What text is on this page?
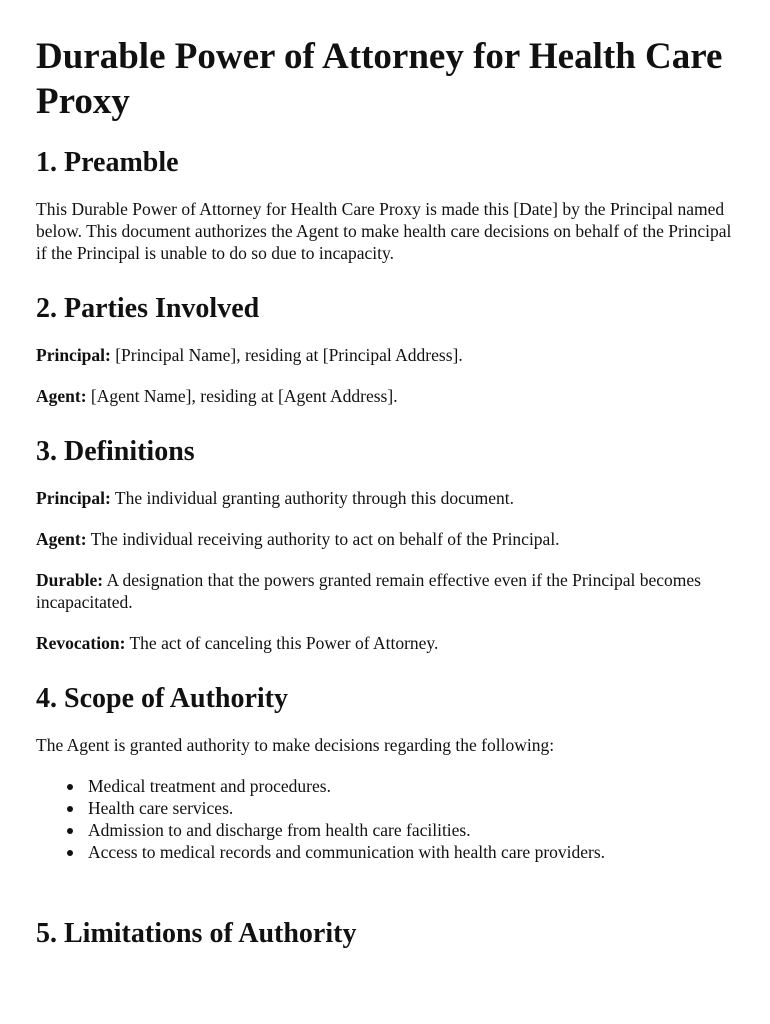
Durable Power of Attorney for Health Care Proxy
1. Preamble

This Durable Power of Attorney for Health Care Proxy is made this [Date] by the Principal named below. This document authorizes the Agent to make health care decisions on behalf of the Principal if the Principal is unable to do so due to incapacity.

2. Parties Involved

Principal: [Principal Name], residing at [Principal Address].

Agent: [Agent Name], residing at [Agent Address].

3. Definitions

Principal: The individual granting authority through this document.

Agent: The individual receiving authority to act on behalf of the Principal.

Durable: A designation that the powers granted remain effective even if the Principal becomes incapacitated.

Revocation: The act of canceling this Power of Attorney.

4. Scope of Authority

The Agent is granted authority to make decisions regarding the following:

Medical treatment and procedures.
Health care services.
Admission to and discharge from health care facilities.
Access to medical records and communication with health care providers.
5. Limitations of Authority
